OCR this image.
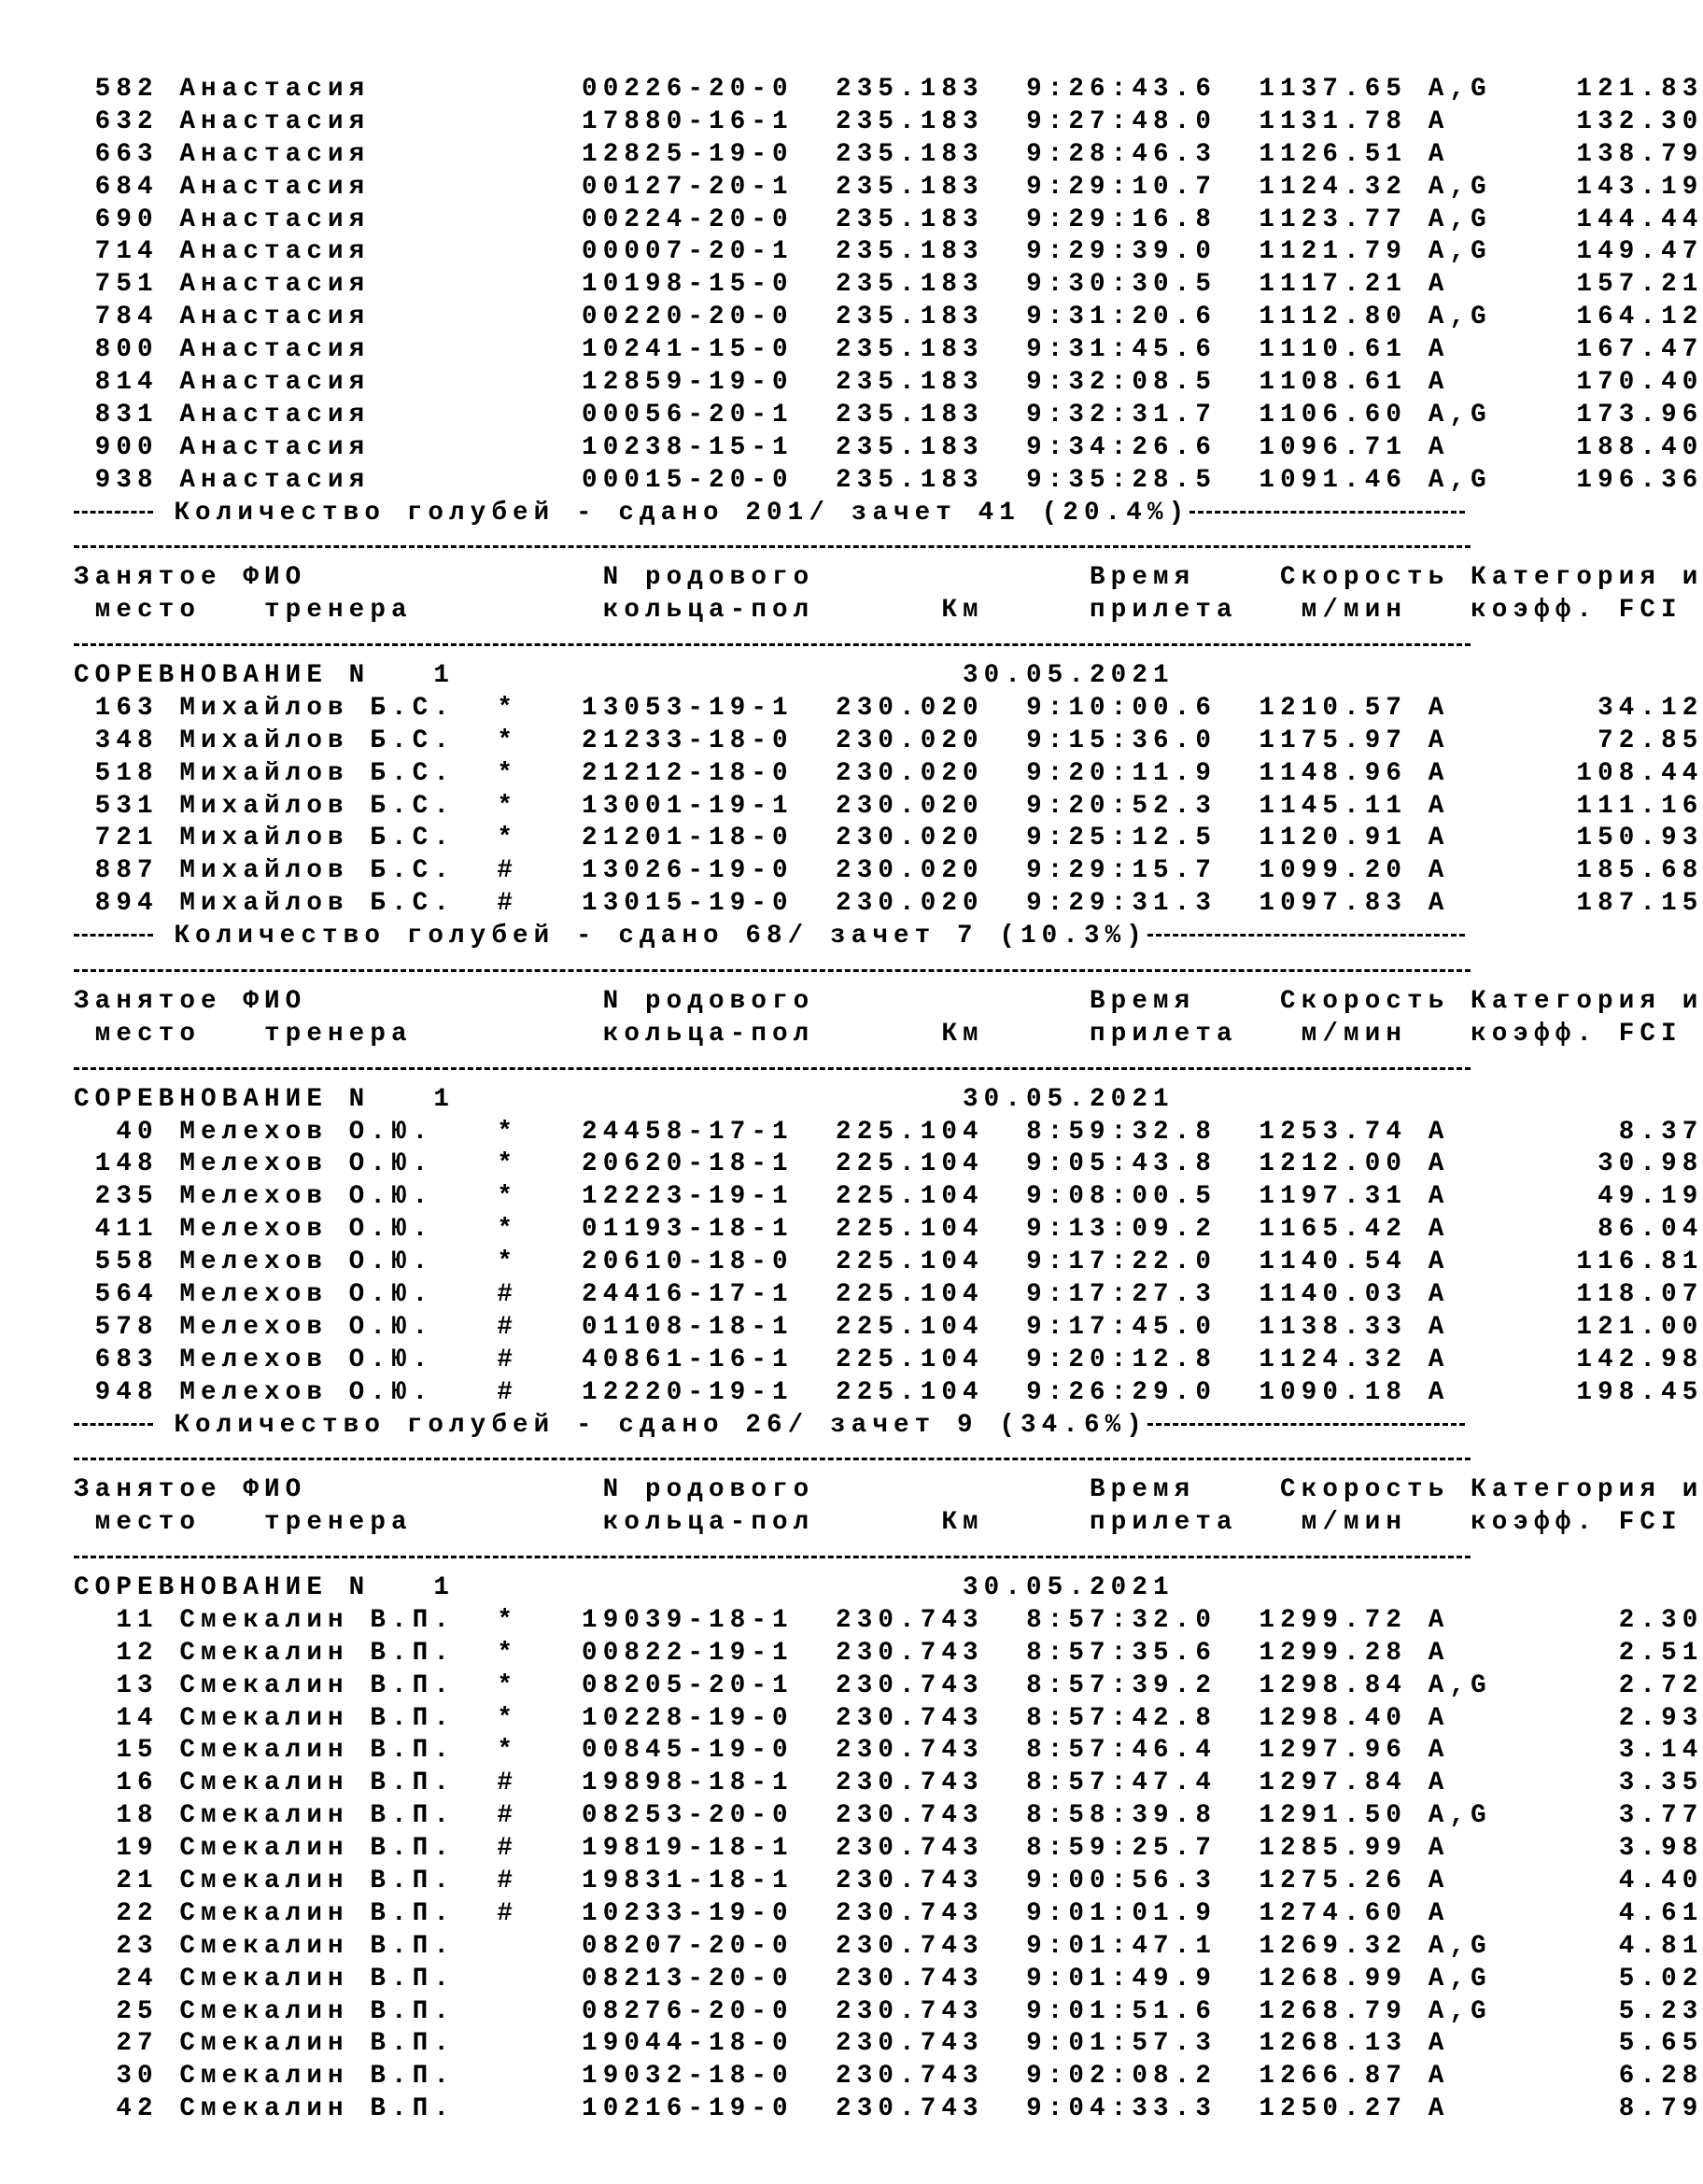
582 Анастасия	00226-20-0 235.183 9:26:43.6  1137.65 A,G    121.83
632 Анастасия	17880-16-1 235.183 9:27:48.0  1131.78 A      132.30
663 Анастасия	12825-19-0 235.183 9:28:46.3  1126.51 A      138.79
684 Анастасия	00127-20-1 235.183 9:29:10.7  1124.32 A,G    143.19
690 Анастасия	00224-20-0 235.183 9:29:16.8  1123.77 A,G    144.44
714 Анастасия	00007-20-1 235.183 9:29:39.0  1121.79 A,G    149.47
751 Анастасия	10198-15-0 235.183 9:30:30.5  1117.21 A      157.21
784 Анастасия	00220-20-0 235.183 9:31:20.6  1112.80 A,G    164.12
800 Анастасия	10241-15-0 235.183 9:31:45.6  1110.61 A      167.47
814 Анастасия	12859-19-0 235.183 9:32:08.5  1108.61 A      170.40
831 Анастасия	00056-20-1 235.183 9:32:31.7  1106.60 A,G    173.96
900 Анастасия	10238-15-1 235.183 9:34:26.6  1096.71 A      188.40
938 Анастасия	00015-20-0 235.183 9:35:28.5  1091.46 A,G    196.36
Количество голубей - сдано 201/ зачет 41 (20.4%)
Занятое ФИО	N родового	Время	Скорость Категория и
место тренера	кольца-пол	Км	прилета м/мин коэфф. FCI
СОРЕВНОВАНИЕ N   1	30.05.2021
163 Михайлов Б.С.  *   13053-19-1 230.020 9:10:00.6  1210.57 A       34.12
348 Михайлов Б.С.  *   21233-18-0 230.020 9:15:36.0  1175.97 A       72.85
518 Михайлов Б.С.  *   21212-18-0 230.020 9:20:11.9  1148.96 A      108.44
531 Михайлов Б.С.  *   13001-19-1 230.020 9:20:52.3  1145.11 A      111.16
721 Михайлов Б.С.  *   21201-18-0 230.020 9:25:12.5  1120.91 A      150.93
887 Михайлов Б.С.  #   13026-19-0 230.020 9:29:15.7  1099.20 A      185.68
894 Михайлов Б.С.  #   13015-19-0 230.020 9:29:31.3  1097.83 A      187.15
Количество голубей - сдано 68/ зачет 7 (10.3%)
Занятое ФИО	N родового	Время	Скорость Категория и
место тренера	кольца-пол	Км	прилета м/мин коэфф. FCI
СОРЕВНОВАНИЕ N   1	30.05.2021
40 Мелехов О.Ю.   *   24458-17-1 225.104 8:59:32.8  1253.74 A        8.37
148 Мелехов О.Ю.   *   20620-18-1 225.104 9:05:43.8  1212.00 A       30.98
235 Мелехов О.Ю.   *   12223-19-1 225.104 9:08:00.5  1197.31 A       49.19
411 Мелехов О.Ю.   *   01193-18-1 225.104 9:13:09.2  1165.42 A       86.04
558 Мелехов О.Ю.   *   20610-18-0 225.104 9:17:22.0  1140.54 A      116.81
564 Мелехов О.Ю.   #   24416-17-1 225.104 9:17:27.3  1140.03 A      118.07
578 Мелехов О.Ю.   #   01108-18-1 225.104 9:17:45.0  1138.33 A      121.00
683 Мелехов О.Ю.   #   40861-16-1 225.104 9:20:12.8  1124.32 A      142.98
948 Мелехов О.Ю.   #   12220-19-1 225.104 9:26:29.0  1090.18 A      198.45
Количество голубей - сдано 26/ зачет 9 (34.6%)
Занятое ФИО	N родового	Время	Скорость Категория и
место тренера	кольца-пол	Км	прилета м/мин коэфф. FCI
СОРЕВНОВАНИЕ N   1	30.05.2021
11 Смекалин В.П.  *   19039-18-1 230.743 8:57:32.0  1299.72 A        2.30
12 Смекалин В.П.  *   00822-19-1 230.743 8:57:35.6  1299.28 A        2.51
13 Смекалин В.П.  *   08205-20-1 230.743 8:57:39.2  1298.84 A,G      2.72
14 Смекалин В.П.  *   10228-19-0 230.743 8:57:42.8  1298.40 A        2.93
15 Смекалин В.П.  *   00845-19-0 230.743 8:57:46.4  1297.96 A        3.14
16 Смекалин В.П.  #   19898-18-1 230.743 8:57:47.4  1297.84 A        3.35
18 Смекалин В.П.  #   08253-20-0 230.743 8:58:39.8  1291.50 A,G      3.77
19 Смекалин В.П.  #   19819-18-1 230.743 8:59:25.7  1285.99 A        3.98
21 Смекалин В.П.  #   19831-18-1 230.743 9:00:56.3  1275.26 A        4.40
22 Смекалин В.П.  #   10233-19-0 230.743 9:01:01.9  1274.60 A        4.61
23 Смекалин В.П.	08207-20-0 230.743 9:01:47.1  1269.32 A,G      4.81
24 Смекалин В.П.	08213-20-0 230.743 9:01:49.9  1268.99 A,G      5.02
25 Смекалин В.П.	08276-20-0 230.743 9:01:51.6  1268.79 A,G      5.23
27 Смекалин В.П.	19044-18-0 230.743 9:01:57.3  1268.13 A        5.65
30 Смекалин В.П.	19032-18-0 230.743 9:02:08.2  1266.87 A        6.28
42 Смекалин В.П.	10216-19-0 230.743 9:04:33.3  1250.27 A        8.79
